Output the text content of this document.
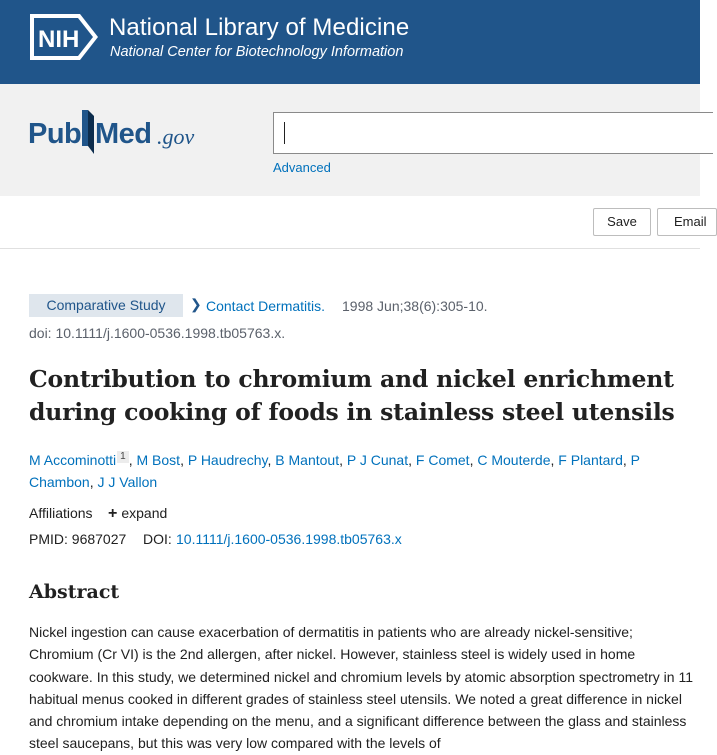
NIH National Library of Medicine
National Center for Biotechnology Information
Pub Med .gov
Advanced
Save	Email
Comparative Study	❯ Contact Dermatitis. 1998 Jun;38(6):305-10.
doi: 10.1111/j.1600-0536.1998.tb05763.x.
Contribution to chromium and nickel enrichment during cooking of foods in stainless steel utensils
M Accominotti 1 , M Bost, P Haudrechy, B Mantout, P J Cunat, F Comet, C Mouterde, F Plantard, P Chambon, J J Vallon
Affiliations + expand
PMID: 9687027 DOI: 10.1111/j.1600-0536.1998.tb05763.x
Abstract

Nickel ingestion can cause exacerbation of dermatitis in patients who are already nickel-sensitive; Chromium (Cr VI) is the 2nd allergen, after nickel. However, stainless steel is widely used in home cookware. In this study, we determined nickel and chromium levels by atomic absorption spectrometry in 11 habitual menus cooked in different grades of stainless steel utensils. We noted a great difference in nickel and chromium intake depending on the menu, and a significant difference between the glass and stainless steel saucepans, but this was very low compared with the levels of
